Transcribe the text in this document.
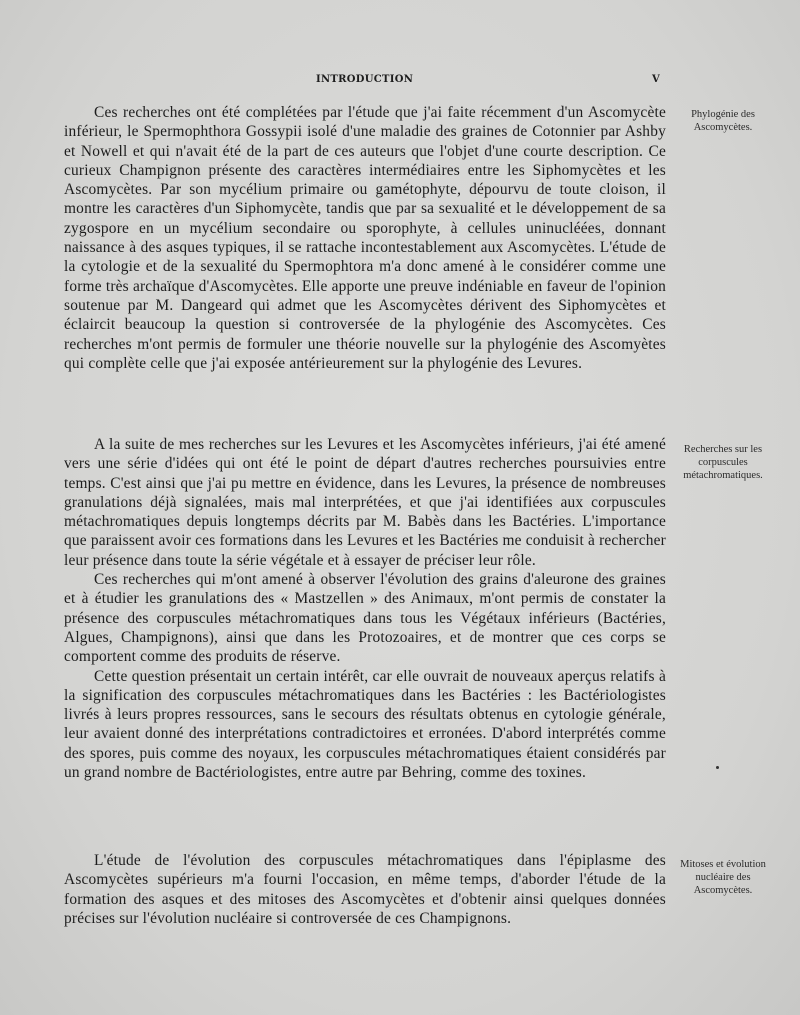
INTRODUCTION	V

Ces recherches ont été complétées par l'étude que j'ai faite récemment d'un Ascomycète inférieur, le Spermophthora Gossypii isolé d'une maladie des graines de Cotonnier par Ashby et Nowell et qui n'avait été de la part de ces auteurs que l'objet d'une courte description. Ce curieux Champignon présente des caractères intermédiaires entre les Siphomycètes et les Ascomycètes. Par son mycélium primaire ou gamétophyte, dépourvu de toute cloison, il montre les caractères d'un Siphomycète, tandis que par sa sexualité et le développement de sa zygospore en un mycélium secondaire ou sporophyte, à cellules uninucléées, donnant naissance à des asques typiques, il se rattache incontestablement aux Ascomycètes. L'étude de la cytologie et de la sexualité du Spermophtora m'a donc amené à le considérer comme une forme très archaïque d'Ascomycètes. Elle apporte une preuve indéniable en faveur de l'opinion soutenue par M. Dangeard qui admet que les Ascomycètes dérivent des Siphomycètes et éclaircit beaucoup la question si controversée de la phylogénie des Ascomycètes. Ces recherches m'ont permis de formuler une théorie nouvelle sur la phylogénie des Ascomyètes qui complète celle que j'ai exposée antérieurement sur la phylogénie des Levures.

Phylogénie des Ascomycètes.

A la suite de mes recherches sur les Levures et les Ascomycètes inférieurs, j'ai été amené vers une série d'idées qui ont été le point de départ d'autres recherches poursuivies entre temps. C'est ainsi que j'ai pu mettre en évidence, dans les Levures, la présence de nombreuses granulations déjà signalées, mais mal interprétées, et que j'ai identifiées aux corpuscules métachromatiques depuis longtemps décrits par M. Babès dans les Bactéries. L'importance que paraissent avoir ces formations dans les Levures et les Bactéries me conduisit à rechercher leur présence dans toute la série végétale et à essayer de préciser leur rôle.

Ces recherches qui m'ont amené à observer l'évolution des grains d'aleurone des graines et à étudier les granulations des « Mastzellen » des Animaux, m'ont permis de constater la présence des corpuscules métachromatiques dans tous les Végétaux inférieurs (Bactéries, Algues, Champignons), ainsi que dans les Protozoaires, et de montrer que ces corps se comportent comme des produits de réserve.

Cette question présentait un certain intérêt, car elle ouvrait de nouveaux aperçus relatifs à la signification des corpuscules métachromatiques dans les Bactéries : les Bactériologistes livrés à leurs propres ressources, sans le secours des résultats obtenus en cytologie générale, leur avaient donné des interprétations contradictoires et erronées. D'abord interprétés comme des spores, puis comme des noyaux, les corpuscules métachromatiques étaient considérés par un grand nombre de Bactériologistes, entre autre par Behring, comme des toxines.

Recherches sur les corpuscules métachromatiques.

L'étude de l'évolution des corpuscules métachromatiques dans l'épiplasme des Ascomycètes supérieurs m'a fourni l'occasion, en même temps, d'aborder l'étude de la formation des asques et des mitoses des Ascomycètes et d'obtenir ainsi quelques données précises sur l'évolution nucléaire si controversée de ces Champignons.

Mitoses et évolution nucléaire des Ascomycètes.
